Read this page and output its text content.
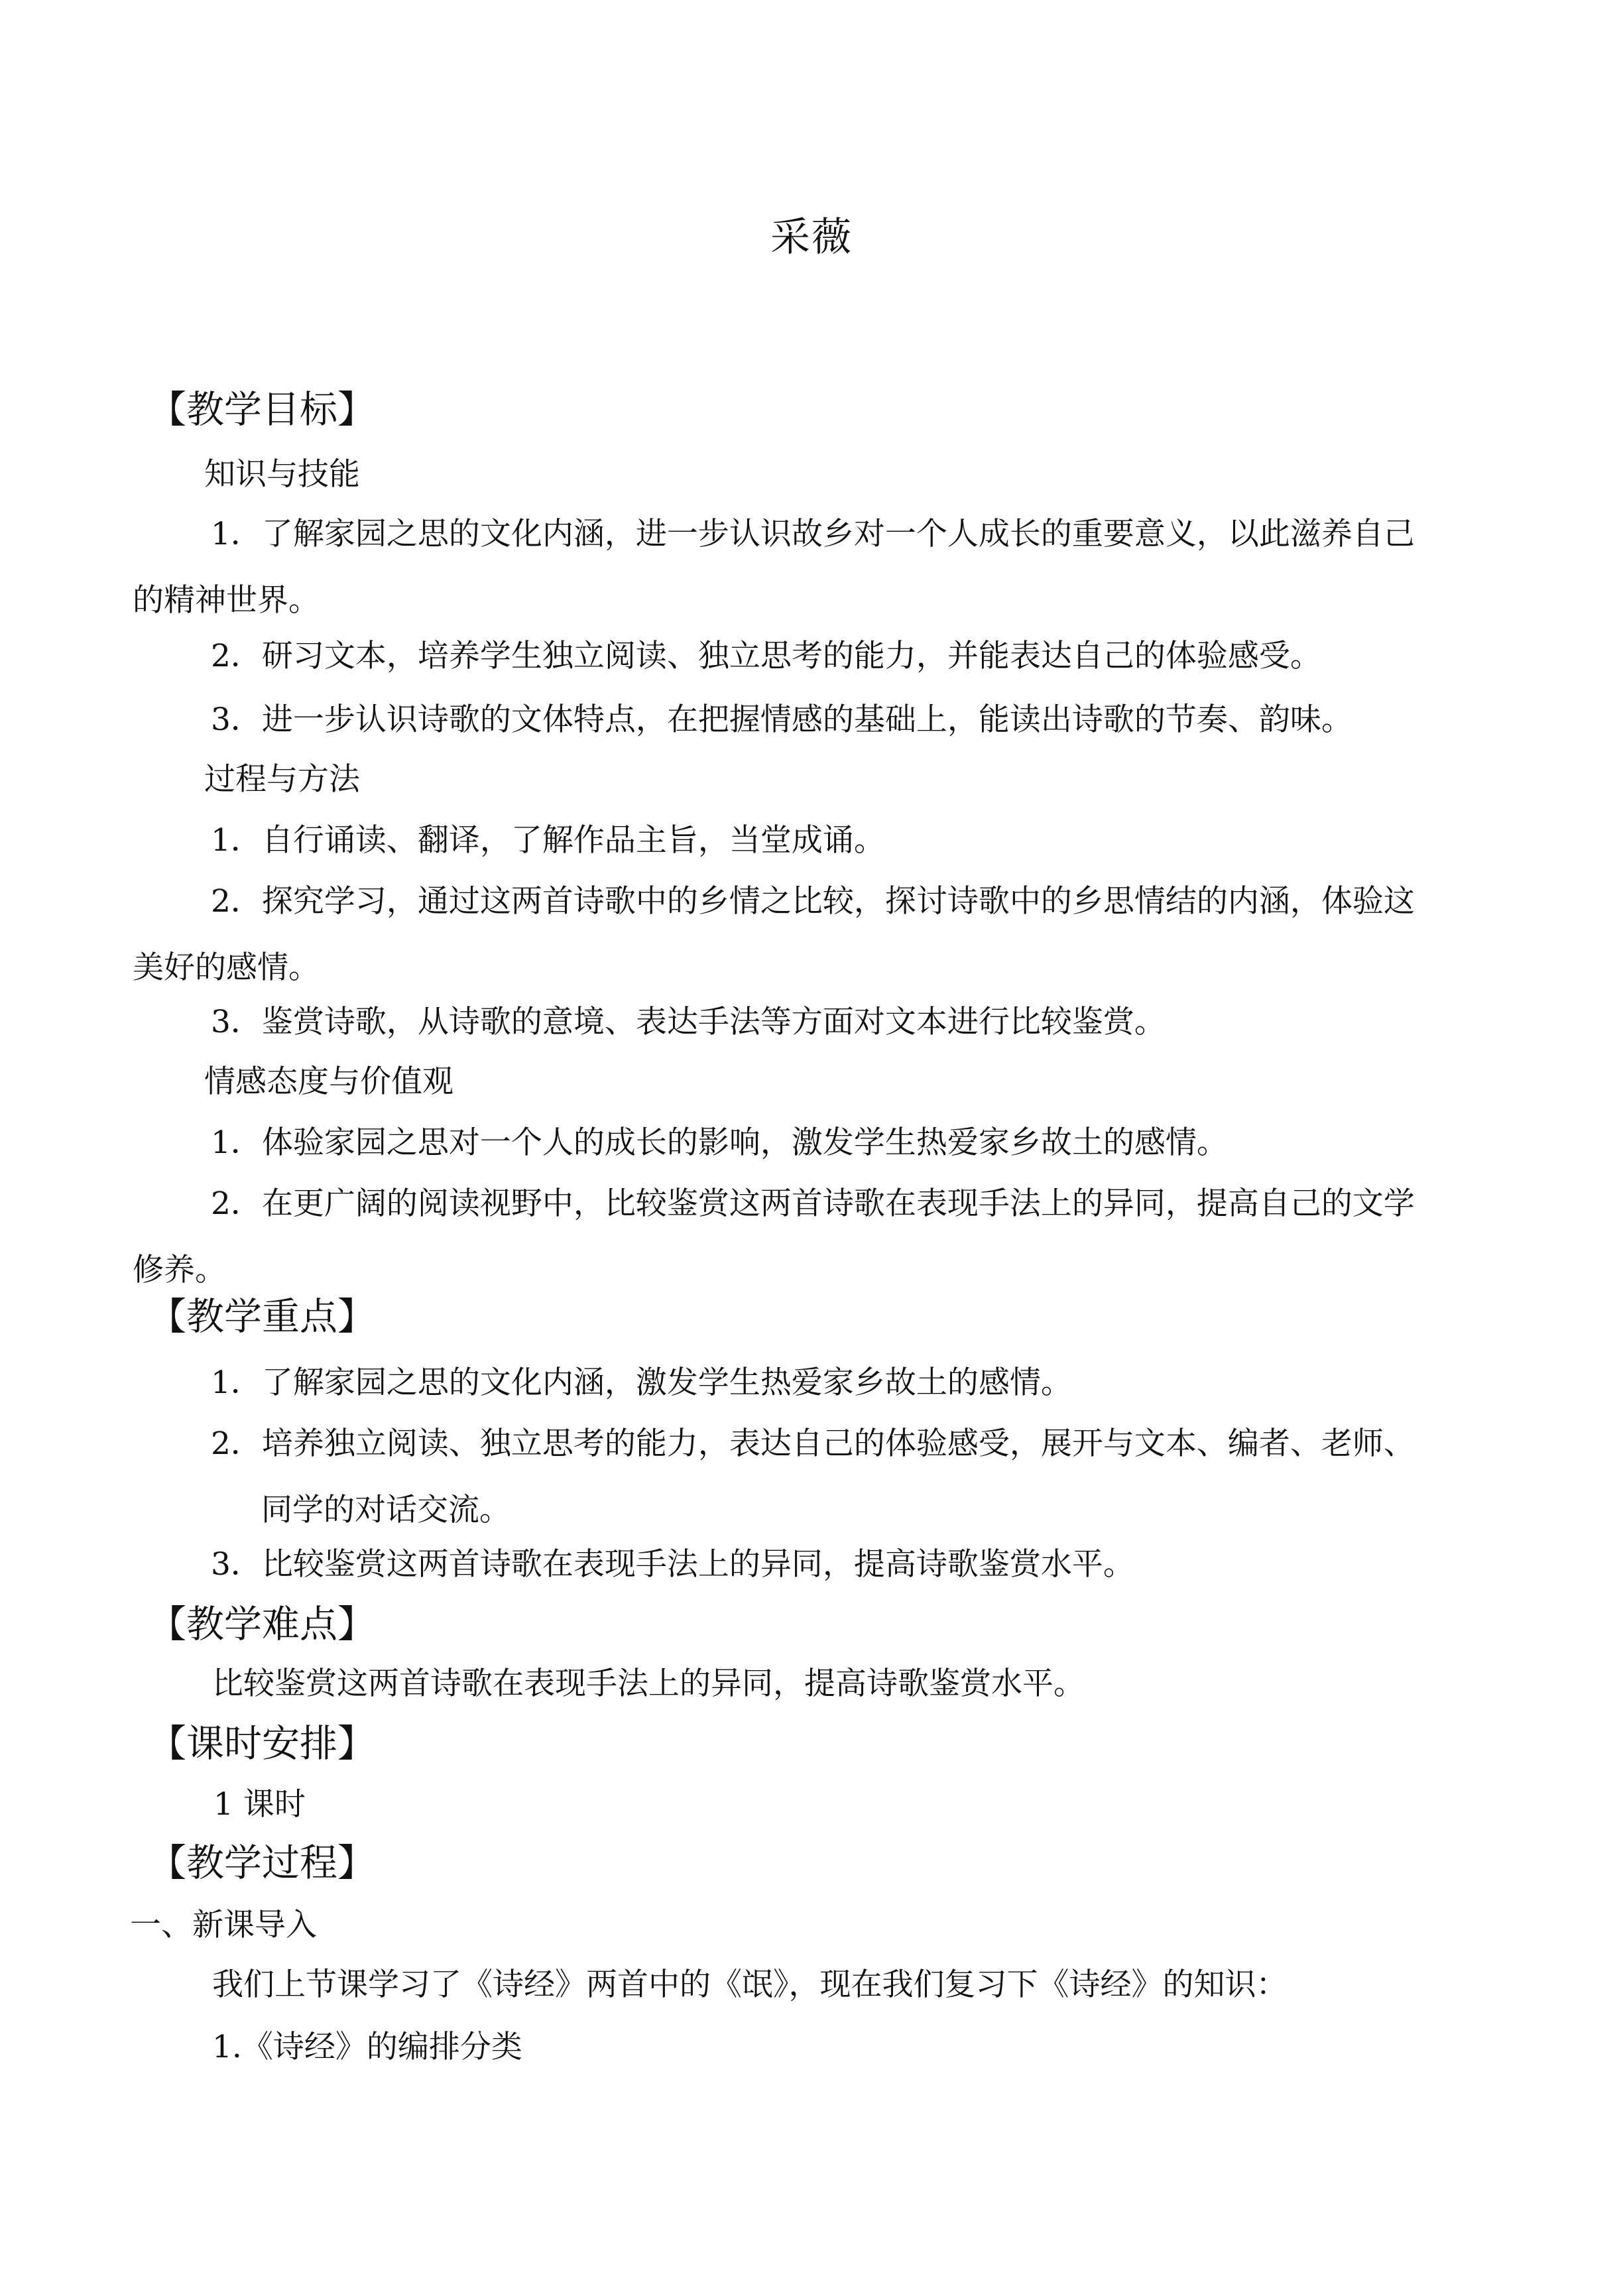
采薇
【教学目标】
知识与技能
1．了解家园之思的文化内涵，进一步认识故乡对一个人成长的重要意义，以此滋养自己
的精神世界。
2．研习文本，培养学生独立阅读、独立思考的能力，并能表达自己的体验感受。
3．进一步认识诗歌的文体特点，在把握情感的基础上，能读出诗歌的节奏、韵味。
过程与方法
1．自行诵读、翻译，了解作品主旨，当堂成诵。
2．探究学习，通过这两首诗歌中的乡情之比较，探讨诗歌中的乡思情结的内涵，体验这
美好的感情。
3．鉴赏诗歌，从诗歌的意境、表达手法等方面对文本进行比较鉴赏。
情感态度与价值观
1．体验家园之思对一个人的成长的影响，激发学生热爱家乡故土的感情。
2．在更广阔的阅读视野中，比较鉴赏这两首诗歌在表现手法上的异同，提高自己的文学
修养。
【教学重点】
1．了解家园之思的文化内涵，激发学生热爱家乡故土的感情。
2．培养独立阅读、独立思考的能力，表达自己的体验感受，展开与文本、编者、老师、
同学的对话交流。
3．比较鉴赏这两首诗歌在表现手法上的异同，提高诗歌鉴赏水平。
【教学难点】
比较鉴赏这两首诗歌在表现手法上的异同，提高诗歌鉴赏水平。
【课时安排】
1 课时
【教学过程】
一、新课导入
我们上节课学习了《诗经》两首中的《氓》，现在我们复习下《诗经》的知识：
1.《诗经》的编排分类
